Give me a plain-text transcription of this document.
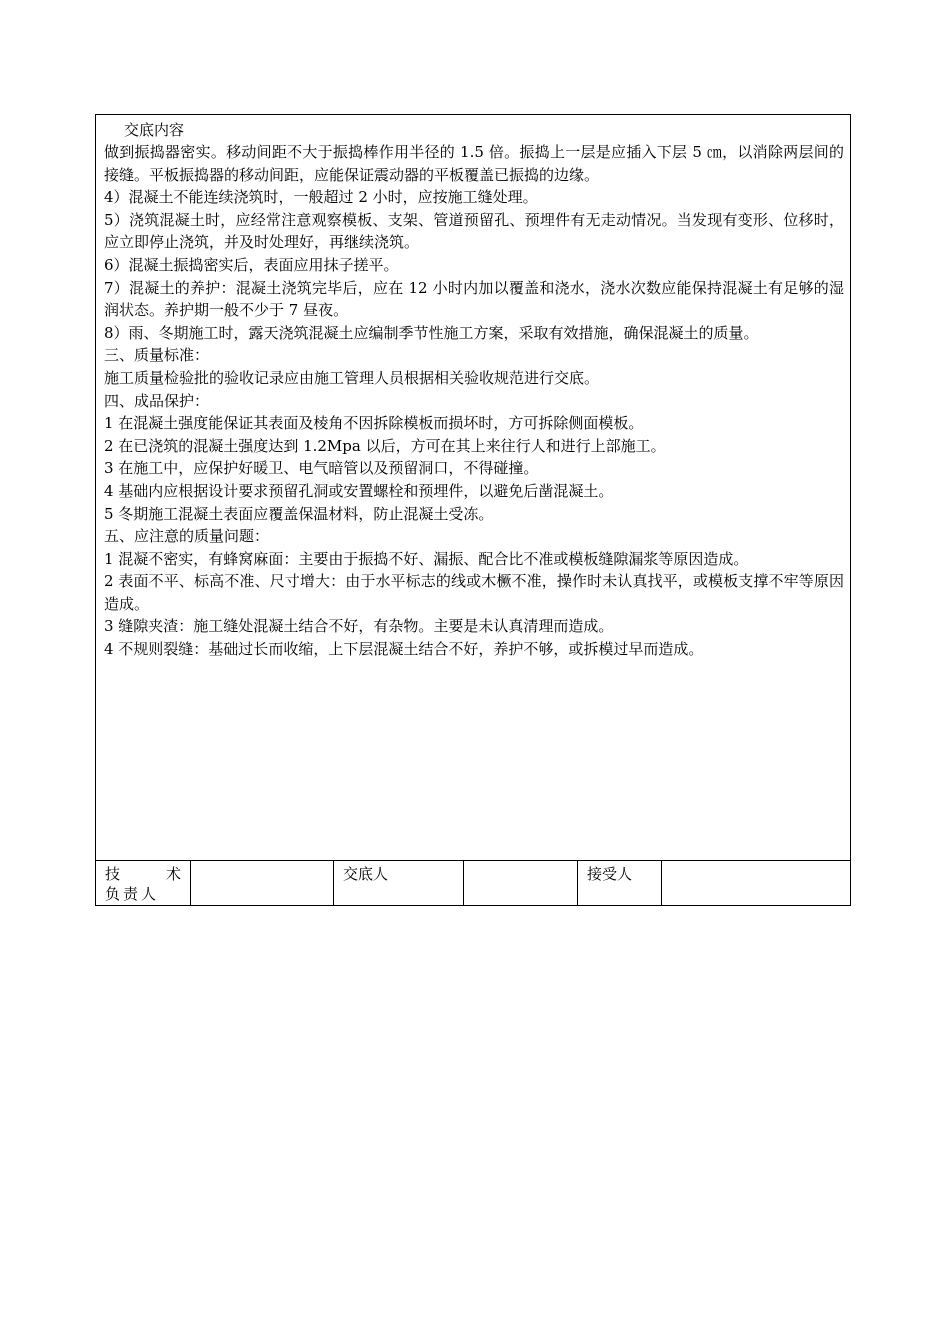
交底内容
做到振捣器密实。移动间距不大于振捣棒作用半径的 1.5 倍。振捣上一层是应插入下层 5 ㎝，以消除两层间的接缝。平板振捣器的移动间距，应能保证震动器的平板覆盖已振捣的边缘。
4）混凝土不能连续浇筑时，一般超过 2 小时，应按施工缝处理。
5）浇筑混凝土时，应经常注意观察模板、支架、管道预留孔、预埋件有无走动情况。当发现有变形、位移时，应立即停止浇筑，并及时处理好，再继续浇筑。
6）混凝土振捣密实后，表面应用抹子搓平。
7）混凝土的养护：混凝土浇筑完毕后，应在 12 小时内加以覆盖和浇水，浇水次数应能保持混凝土有足够的湿润状态。养护期一般不少于 7 昼夜。
8）雨、冬期施工时，露天浇筑混凝土应编制季节性施工方案，采取有效措施，确保混凝土的质量。
三、质量标准：
施工质量检验批的验收记录应由施工管理人员根据相关验收规范进行交底。
四、成品保护：
1 在混凝土强度能保证其表面及棱角不因拆除模板而损坏时，方可拆除侧面模板。
2 在已浇筑的混凝土强度达到 1.2Mpa 以后，方可在其上来往行人和进行上部施工。
3 在施工中，应保护好暖卫、电气暗管以及预留洞口，不得碰撞。
4 基础内应根据设计要求预留孔洞或安置螺栓和预埋件，以避免后凿混凝土。
5 冬期施工混凝土表面应覆盖保温材料，防止混凝土受冻。
五、应注意的质量问题：
1 混凝不密实，有蜂窝麻面：主要由于振捣不好、漏振、配合比不准或模板缝隙漏浆等原因造成。
2 表面不平、标高不准、尺寸增大：由于水平标志的线或木橛不准，操作时未认真找平，或模板支撑不牢等原因造成。
3 缝隙夹渣：施工缝处混凝土结合不好，有杂物。主要是未认真清理而造成。
4 不规则裂缝：基础过长而收缩，上下层混凝土结合不好，养护不够，或拆模过早而造成。
技	术
负责人
交底人	接受人
